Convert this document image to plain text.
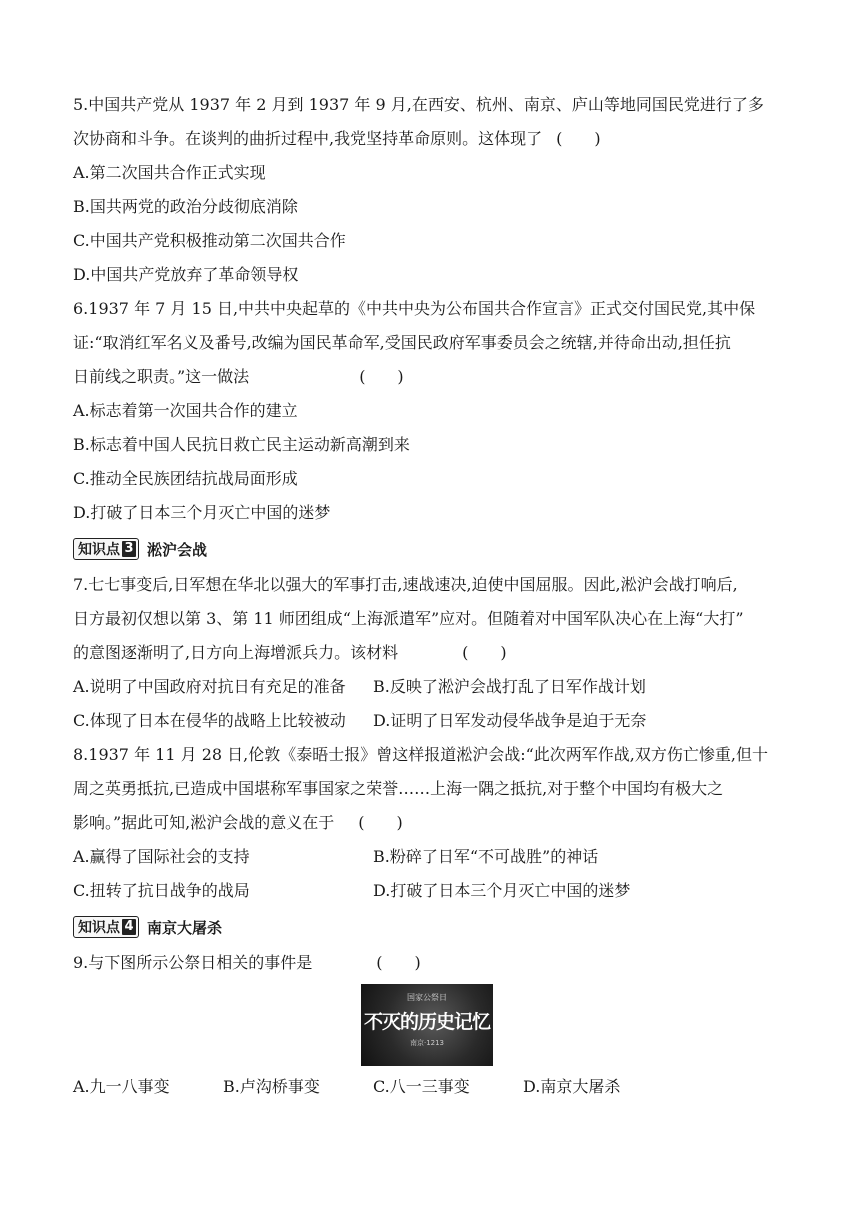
5.中国共产党从 1937 年 2 月到 1937 年 9 月,在西安、杭州、南京、庐山等地同国民党进行了多
次协商和斗争。在谈判的曲折过程中,我党坚持革命原则。这体现了 (　　)
A.第二次国共合作正式实现
B.国共两党的政治分歧彻底消除
C.中国共产党积极推动第二次国共合作
D.中国共产党放弃了革命领导权
6.1937 年 7 月 15 日,中共中央起草的《中共中央为公布国共合作宣言》正式交付国民党,其中保
证:“取消红军名义及番号,改编为国民革命军,受国民政府军事委员会之统辖,并待命出动,担任抗
日前线之职责。”这一做法	(　　)
A.标志着第一次国共合作的建立
B.标志着中国人民抗日救亡民主运动新高潮到来
C.推动全民族团结抗战局面形成
D.打破了日本三个月灭亡中国的迷梦
知识点 3 淞沪会战
7.七七事变后,日军想在华北以强大的军事打击,速战速决,迫使中国屈服。因此,淞沪会战打响后,
日方最初仅想以第 3、第 11 师团组成“上海派遣军”应对。但随着对中国军队决心在上海“大打”
的意图逐渐明了,日方向上海增派兵力。该材料	(　　)
A.说明了中国政府对抗日有充足的准备	B.反映了淞沪会战打乱了日军作战计划
C.体现了日本在侵华的战略上比较被动	D.证明了日军发动侵华战争是迫于无奈
8.1937 年 11 月 28 日,伦敦《泰晤士报》曾这样报道淞沪会战:“此次两军作战,双方伤亡惨重,但十
周之英勇抵抗,已造成中国堪称军事国家之荣誉……上海一隅之抵抗,对于整个中国均有极大之
影响。”据此可知,淞沪会战的意义在于 (　　)
A.赢得了国际社会的支持	B.粉碎了日军“不可战胜”的神话
C.扭转了抗日战争的战局	D.打破了日本三个月灭亡中国的迷梦
知识点 4 南京大屠杀
9.与下图所示公祭日相关的事件是	(　　)
国家公祭日
不灭的历史记忆
南京·1213
A.九一八事变	B.卢沟桥事变	C.八一三事变	D.南京大屠杀
